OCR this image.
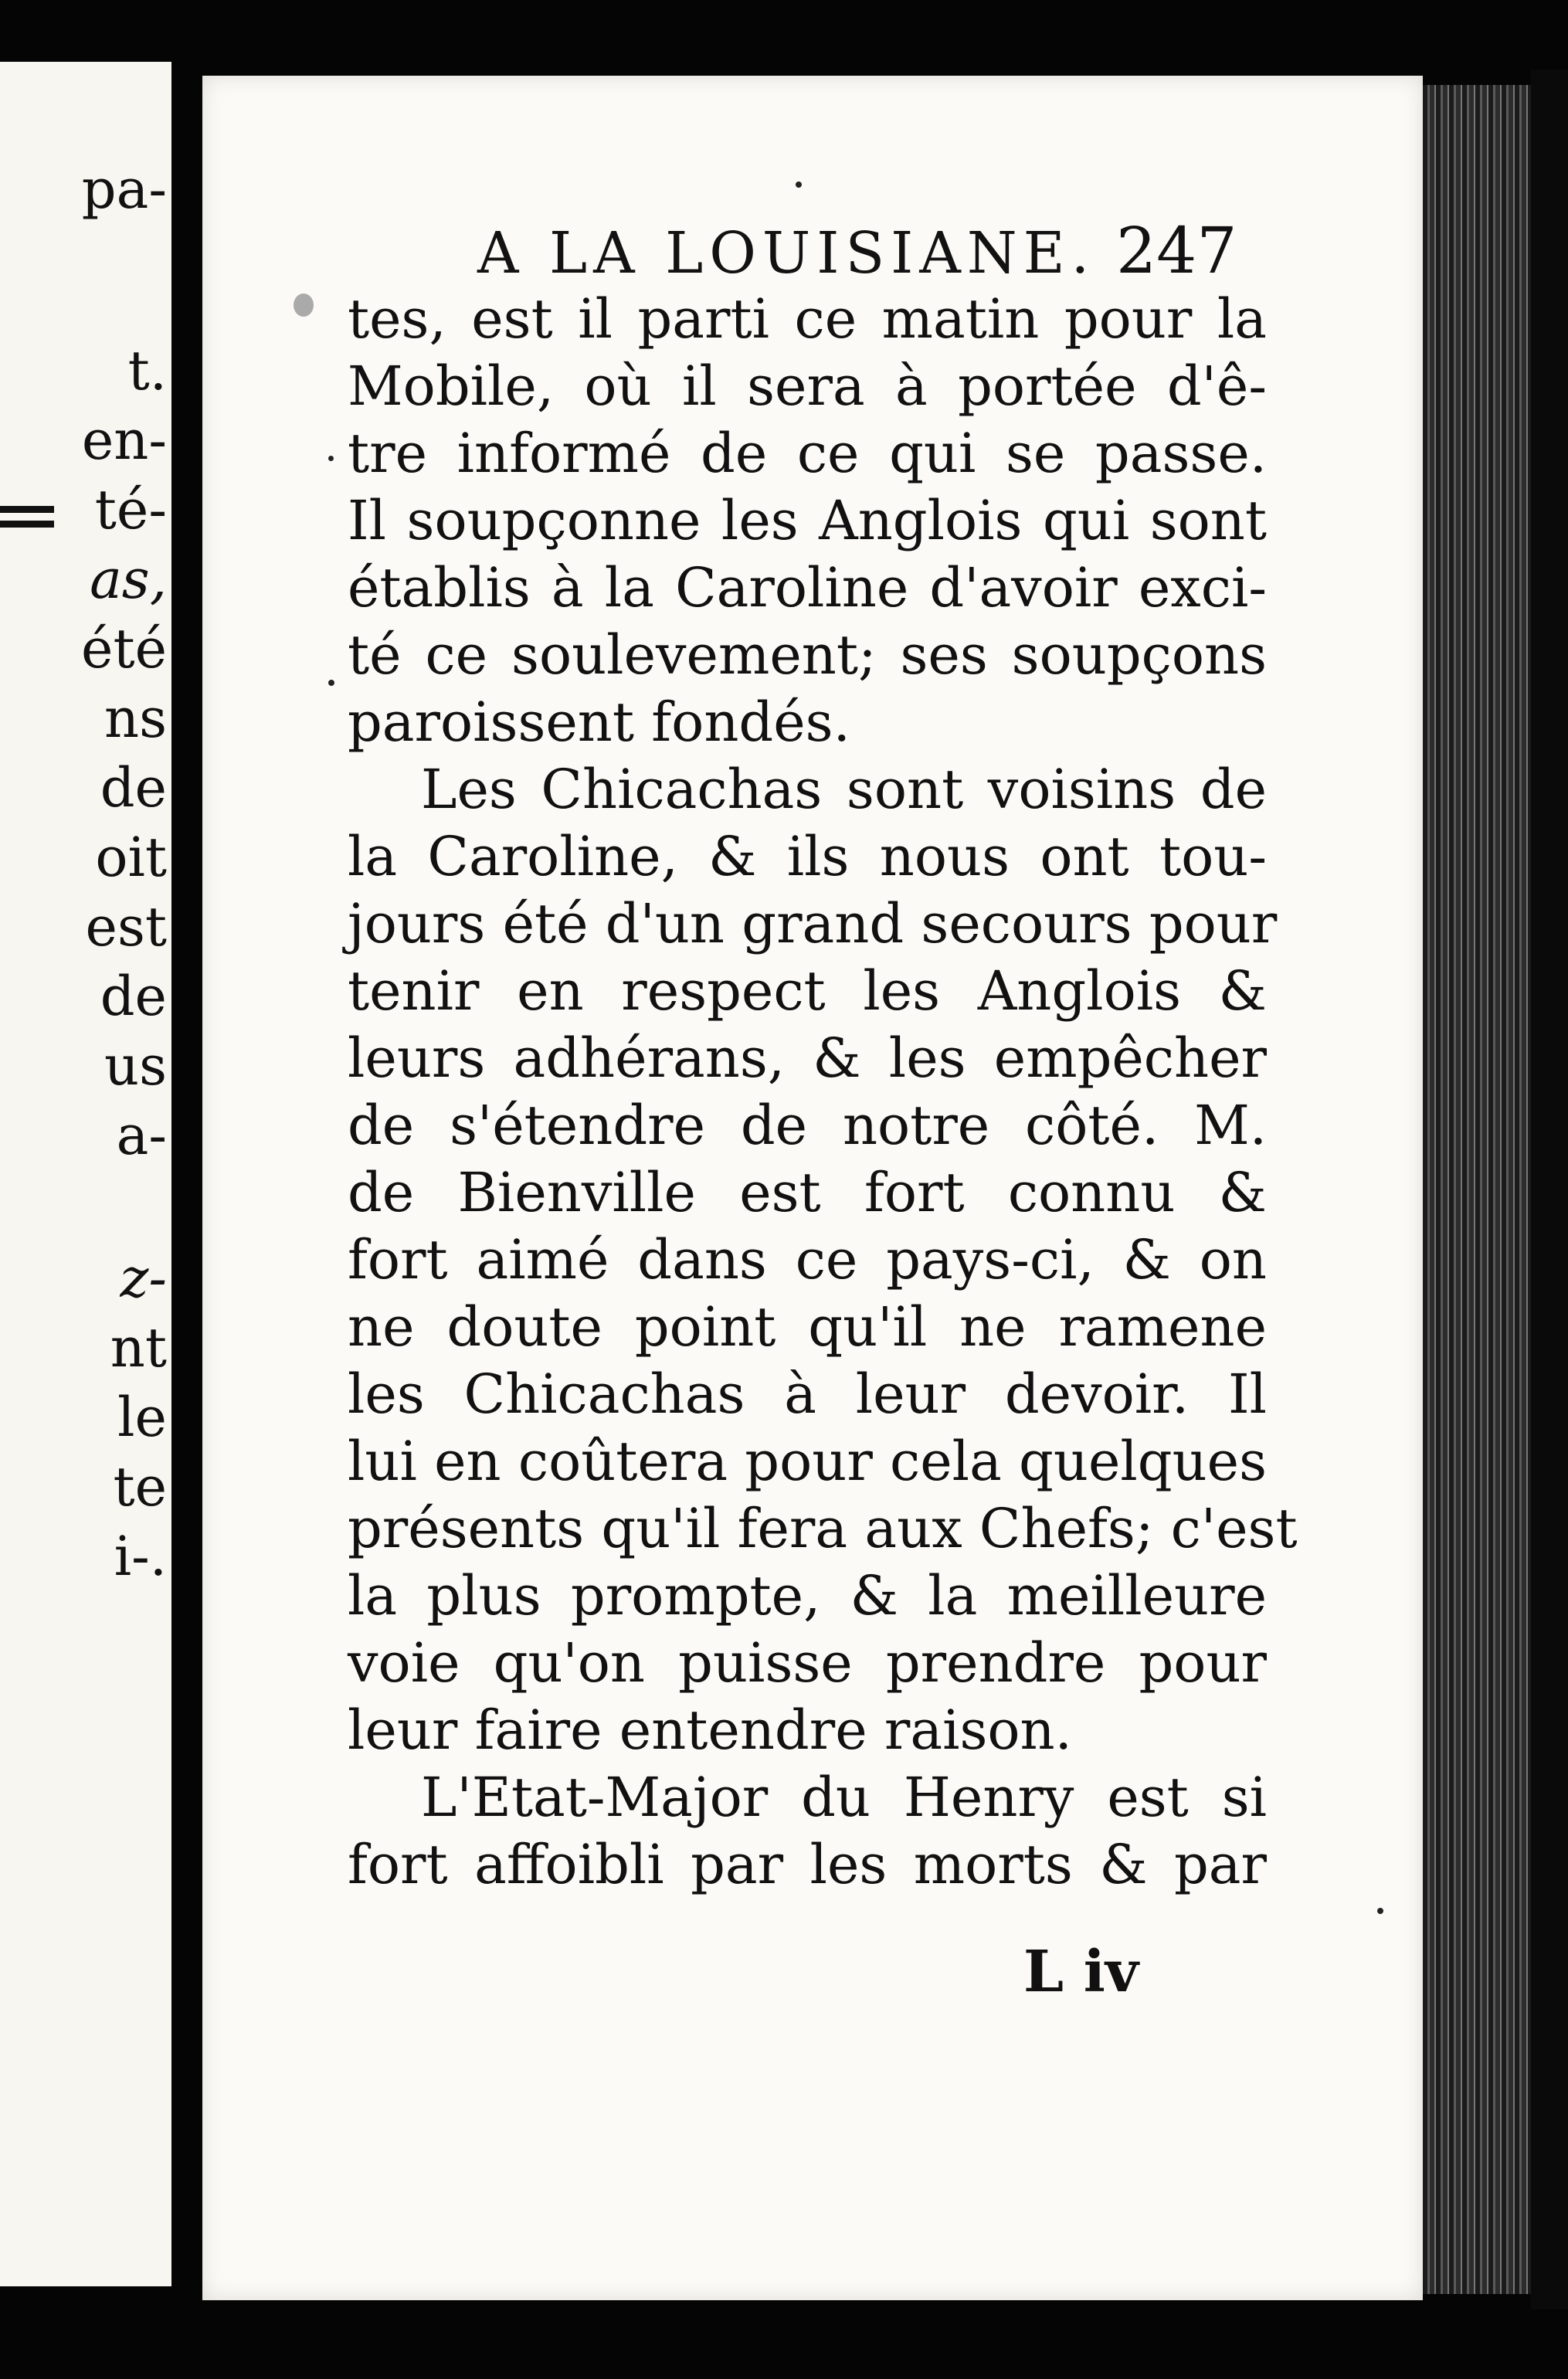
pa-
t.
en-
té-
as,
été
ns
de
oit
est
de
us
a-
z-
nt
le
te
i-.
A LA LOUISIANE. 247
tes, est il parti ce matin pour la
Mobile, où il sera à portée d'ê-
tre informé de ce qui se passe.
Il soupçonne les Anglois qui sont
établis à la Caroline d'avoir exci-
té ce soulevement; ses soupçons
paroissent fondés.
Les Chicachas sont voisins de
la Caroline, & ils nous ont tou-
jours été d'un grand secours pour
tenir en respect les Anglois &
leurs adhérans, & les empêcher
de s'étendre de notre côté. M.
de Bienville est fort connu &
fort aimé dans ce pays-ci, & on
ne doute point qu'il ne ramene
les Chicachas à leur devoir. Il
lui en coûtera pour cela quelques
présents qu'il fera aux Chefs; c'est
la plus prompte, & la meilleure
voie qu'on puisse prendre pour
leur faire entendre raison.
L'Etat-Major du Henry est si
fort affoibli par les morts & par
L iv
